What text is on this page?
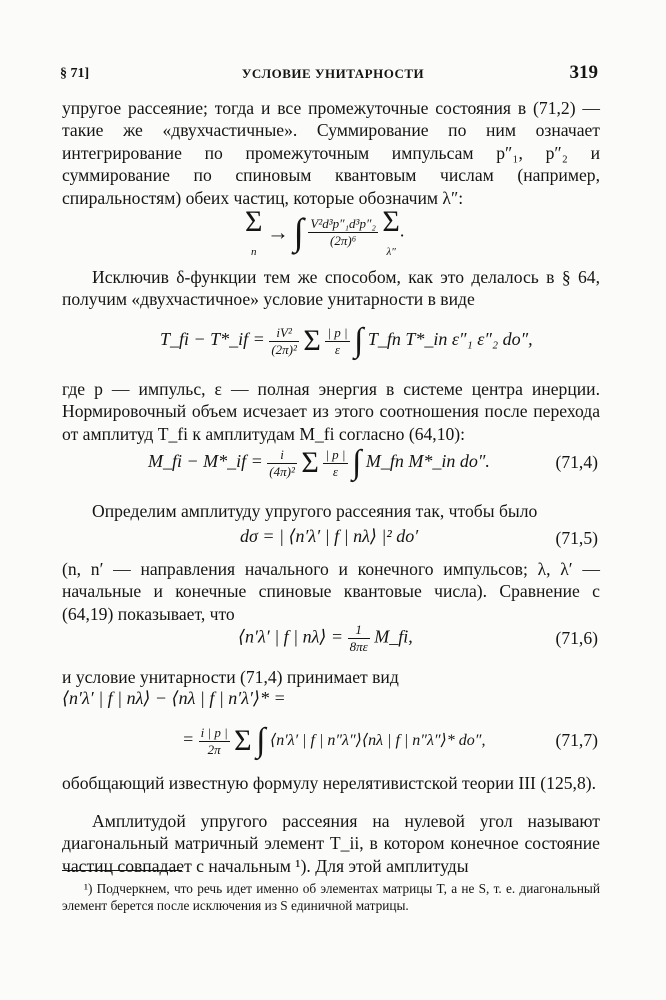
§ 71]	УСЛОВИЕ УНИТАРНОСТИ	319
упругое рассеяние; тогда и все промежуточные состояния в (71,2) — такие же «двухчастичные». Суммирование по ним означает интегрирование по промежуточным импульсам p″₁, p″₂ и суммирование по спиновым квантовым числам (например, спиральностям) обеих частиц, которые обозначим λ″:
Σ
n → ∫ $\frac{\text{V²d³p″₁d³p″₂}}{\text{(2π)⁶}}$ Σ
λ″.
Исключив δ-функции тем же способом, как это делалось в § 64, получим «двухчастичное» условие унитарности в виде
T_fi − T*_if = $\frac{\text{iV²}}{\text{(2π)²}}$ Σ $\frac{| p |}{\varepsilon}$ ∫ T_fn T*_in ε″₁ ε″₂ do″,
где p — импульс, ε — полная энергия в системе центра инерции. Нормировочный объем исчезает из этого соотношения после перехода от амплитуд T_fi к амплитудам M_fi согласно (64,10):
M_fi − M*_if = $\frac{i}{\text{(4π)²}}$ Σ $\frac{| p |}{\varepsilon}$ ∫ M_fn M*_in do″.	(71,4)
Определим амплитуду упругого рассеяния так, чтобы было
dσ = | ⟨n′λ′ | f | nλ⟩ |² do′	(71,5)
(n, n′ — направления начального и конечного импульсов; λ, λ′ — начальные и конечные спиновые квантовые числа). Сравнение с (64,19) показывает, что
⟨n′λ′ | f | nλ⟩ = $\frac{1}{8\pi\varepsilon}$ M_fi,	(71,6)
и условие унитарности (71,4) принимает вид
⟨n′λ′ | f | nλ⟩ − ⟨nλ | f | n′λ′⟩* =
= $\frac{i | p |}{2\pi}$ Σ ∫ ⟨n′λ′ | f | n″λ″⟩⟨nλ | f | n″λ″⟩* do″,	(71,7)
обобщающий известную формулу нерелятивистской теории III (125,8).
Амплитудой упругого рассеяния на нулевой угол называют диагональный матричный элемент T_ii, в котором конечное состояние частиц совпадает с начальным ¹). Для этой амплитуды
¹) Подчеркнем, что речь идет именно об элементах матрицы T, а не S, т. е. диагональный элемент берется после исключения из S единичной матрицы.
